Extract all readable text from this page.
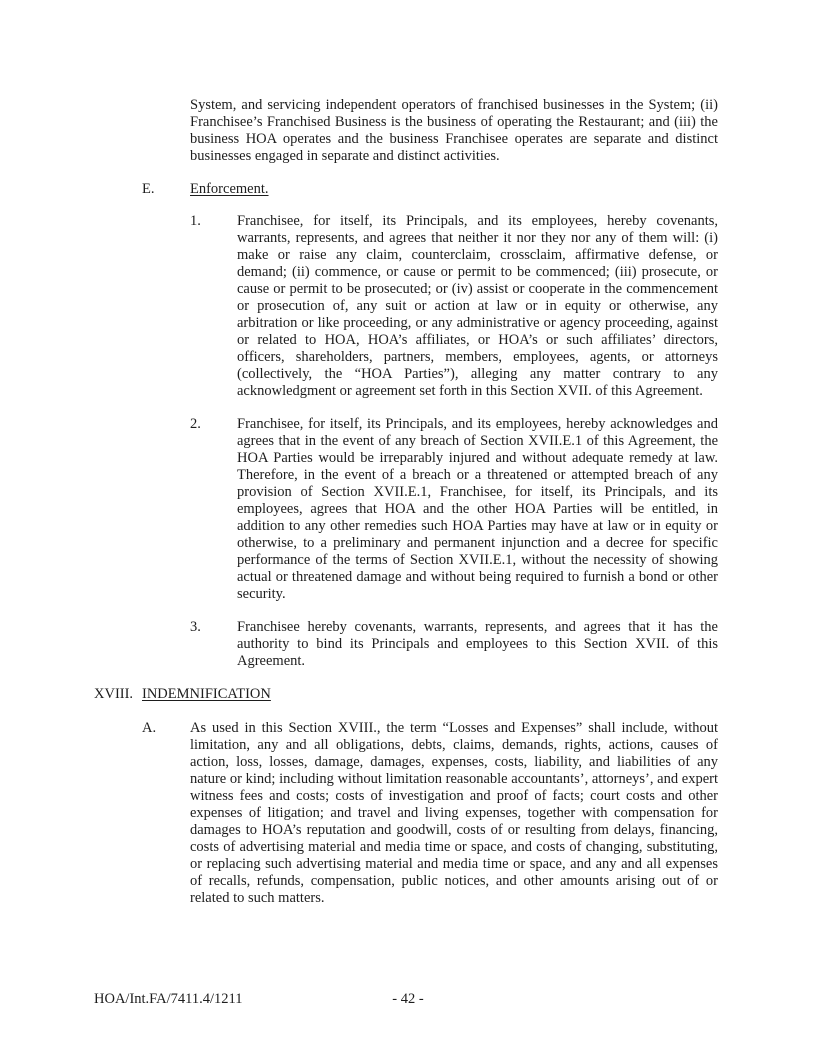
System, and servicing independent operators of franchised businesses in the System; (ii) Franchisee’s Franchised Business is the business of operating the Restaurant; and (iii) the business HOA operates and the business Franchisee operates are separate and distinct businesses engaged in separate and distinct activities.

E. Enforcement.
1.	Franchisee, for itself, its Principals, and its employees, hereby covenants, warrants, represents, and agrees that neither it nor they nor any of them will: (i) make or raise any claim, counterclaim, crossclaim, affirmative defense, or demand; (ii) commence, or cause or permit to be commenced; (iii) prosecute, or cause or permit to be prosecuted; or (iv) assist or cooperate in the commencement or prosecution of, any suit or action at law or in equity or otherwise, any arbitration or like proceeding, or any administrative or agency proceeding, against or related to HOA, HOA’s affiliates, or HOA’s or such affiliates’ directors, officers, shareholders, partners, members, employees, agents, or attorneys (collectively, the “HOA Parties”), alleging any matter contrary to any acknowledgment or agreement set forth in this Section XVII. of this Agreement.

2.	Franchisee, for itself, its Principals, and its employees, hereby acknowledges and agrees that in the event of any breach of Section XVII.E.1 of this Agreement, the HOA Parties would be irreparably injured and without adequate remedy at law. Therefore, in the event of a breach or a threatened or attempted breach of any provision of Section XVII.E.1, Franchisee, for itself, its Principals, and its employees, agrees that HOA and the other HOA Parties will be entitled, in addition to any other remedies such HOA Parties may have at law or in equity or otherwise, to a preliminary and permanent injunction and a decree for specific performance of the terms of Section XVII.E.1, without the necessity of showing actual or threatened damage and without being required to furnish a bond or other security.

3.	Franchisee hereby covenants, warrants, represents, and agrees that it has the authority to bind its Principals and employees to this Section XVII. of this Agreement.

XVIII. INDEMNIFICATION
A.	As used in this Section XVIII., the term “Losses and Expenses” shall include, without limitation, any and all obligations, debts, claims, demands, rights, actions, causes of action, loss, losses, damage, damages, expenses, costs, liability, and liabilities of any nature or kind; including without limitation reasonable accountants’, attorneys’, and expert witness fees and costs; costs of investigation and proof of facts; court costs and other expenses of litigation; and travel and living expenses, together with compensation for damages to HOA’s reputation and goodwill, costs of or resulting from delays, financing, costs of advertising material and media time or space, and costs of changing, substituting, or replacing such advertising material and media time or space, and any and all expenses of recalls, refunds, compensation, public notices, and other amounts arising out of or related to such matters.

HOA/Int.FA/7411.4/1211	- 42 -
